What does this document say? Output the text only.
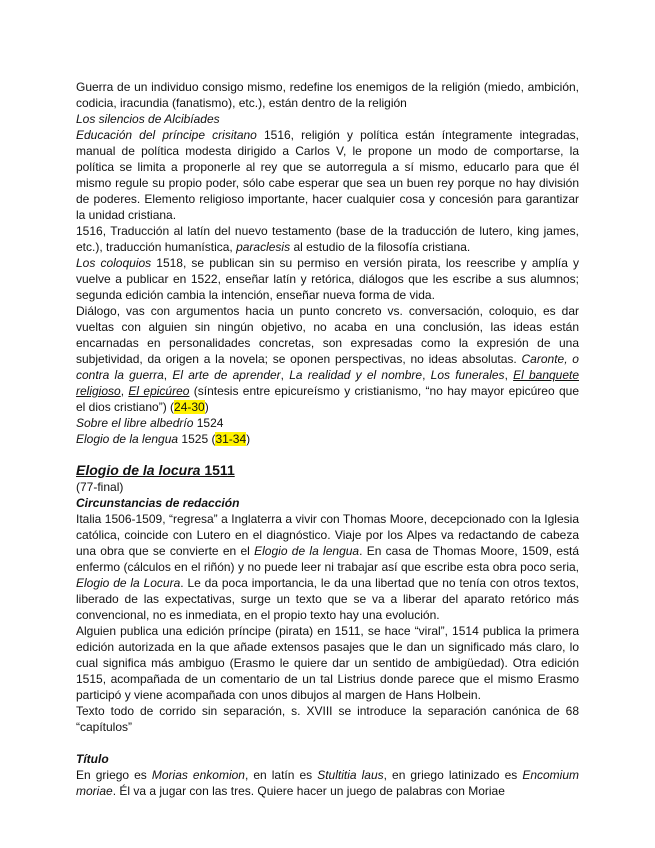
Guerra de un individuo consigo mismo, redefine los enemigos de la religión (miedo, ambición, codicia, iracundia (fanatismo), etc.), están dentro de la religión

Los silencios de Alcibíades

Educación del príncipe crisitano 1516, religión y política están íntegramente integradas, manual de política modesta dirigido a Carlos V, le propone un modo de comportarse, la política se limita a proponerle al rey que se autorregula a sí mismo, educarlo para que él mismo regule su propio poder, sólo cabe esperar que sea un buen rey porque no hay división de poderes. Elemento religioso importante, hacer cualquier cosa y concesión para garantizar la unidad cristiana.

1516, Traducción al latín del nuevo testamento (base de la traducción de lutero, king james, etc.), traducción humanística, paraclesis al estudio de la filosofía cristiana.

Los coloquios 1518, se publican sin su permiso en versión pirata, los reescribe y amplía y vuelve a publicar en 1522, enseñar latín y retórica, diálogos que les escribe a sus alumnos; segunda edición cambia la intención, enseñar nueva forma de vida.

Diálogo, vas con argumentos hacia un punto concreto vs. conversación, coloquio, es dar vueltas con alguien sin ningún objetivo, no acaba en una conclusión, las ideas están encarnadas en personalidades concretas, son expresadas como la expresión de una subjetividad, da origen a la novela; se oponen perspectivas, no ideas absolutas. Caronte, o contra la guerra, El arte de aprender, La realidad y el nombre, Los funerales, El banquete religioso, El epicúreo (síntesis entre epicureísmo y cristianismo, “no hay mayor epicúreo que el dios cristiano”) (24-30)

Sobre el libre albedrío 1524

Elogio de la lengua 1525 (31-34)

Elogio de la locura 1511

(77-final)

Circunstancias de redacción

Italia 1506-1509, “regresa” a Inglaterra a vivir con Thomas Moore, decepcionado con la Iglesia católica, coincide con Lutero en el diagnóstico. Viaje por los Alpes va redactando de cabeza una obra que se convierte en el Elogio de la lengua. En casa de Thomas Moore, 1509, está enfermo (cálculos en el riñón) y no puede leer ni trabajar así que escribe esta obra poco seria, Elogio de la Locura. Le da poca importancia, le da una libertad que no tenía con otros textos, liberado de las expectativas, surge un texto que se va a liberar del aparato retórico más convencional, no es inmediata, en el propio texto hay una evolución.

Alguien publica una edición príncipe (pirata) en 1511, se hace “viral”, 1514 publica la primera edición autorizada en la que añade extensos pasajes que le dan un significado más claro, lo cual significa más ambiguo (Erasmo le quiere dar un sentido de ambigüedad). Otra edición 1515, acompañada de un comentario de un tal Listrius donde parece que el mismo Erasmo participó y viene acompañada con unos dibujos al margen de Hans Holbein.

Texto todo de corrido sin separación, s. XVIII se introduce la separación canónica de 68 “capítulos”

Título

En griego es Morias enkomion, en latín es Stultitia laus, en griego latinizado es Encomium moriae. Él va a jugar con las tres. Quiere hacer un juego de palabras con Moriae
